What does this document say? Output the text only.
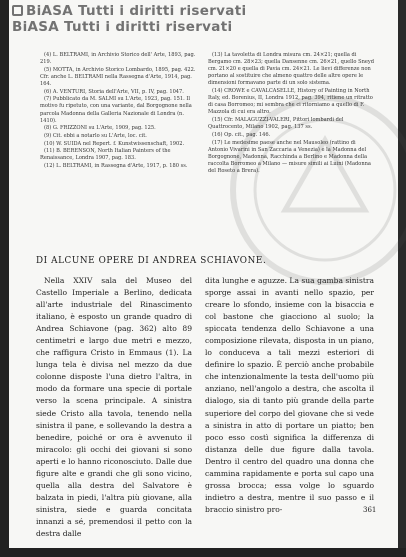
BiASA Tutti i diritti riservati
BiASA Tutti i diritti riservati

(4) L. BELTRAMI, in Archivio Storico dell' Arte, 1893, pag. 219.

(5) MOTTA, in Archivio Storico Lombardo, 1895, pag. 422. Cfr. anche L. BELTRAMI nella Rassegna d'Arte, 1914, pag. 164.

(6) A. VENTURI, Storia dell'Arte, VII, p. IV, pag. 1047.

(7) Pubblicato da M. SALMI su L'Arte, 1923, pag. 151. Il motivo fu ripetuto, con una variante, dal Borgognone nella parcola Madonna della Galleria Nazionale di Londra (n. 1410).

(8) G. FRIZZONI su L'Arte, 1909, pag. 125.

(9) Cit. ebbi a notarlo su L'Arte, loc. cit.

(10) W. SUIDA nel Repert. f. Kunstwissenschaft, 1902.

(11) B. BERENSON, North Italian Painters of the Renaissance, Londra 1907, pag. 183.

(12) L. BELTRAMI, in Rassegna d'Arte, 1917, p. 180 ss.

(13) La tavoletta di Londra misura cm. 24×21; quella di Bergamo cm. 28×23; quella Dansenne cm. 26×21, quello Sneyd cm. 21×20 e quella di Pavia cm. 24×21. Le lievi differenze non portano al sostituire che almeno quattro delle altre opere le dimensioni formavano parte di un solo sistema.

(14) CROWE e CAVALCASELLE, History of Painting in North Italy, ed. Borenius, II, Londra 1912, pag. 394, ritiene un ritratto di casa Borromeo; mi sembra che ci ritorniamo a quello di F. Mazzola di cui era altro.

(15) Cfr. MALAGUZZI-VALERI, Pittori lombardi del Quattrocento, Milano 1902, pag. 137 ss.

(16) Op. cit., pag. 146.

(17) Le medesime paese anche nel Mausoleo (rattino di Antonio Vivarini in San Zaccaria a Venezia) e la Madonna del Borgognone, Madonna, Racchinda a Berlino e Madonna della raccolta Borromeo a Milano — misure simili ai Luini (Madonna del Roseto a Brera).

DI ALCUNE OPERE DI ANDREA SCHIAVONE.

Nella XXIV sala del Museo del Castello Imperiale a Berlino, dedicata all'arte industriale del Rinascimento italiano, è esposto un grande quadro di Andrea Schiavone (pag. 362) alto 89 centimetri e largo due metri e mezzo, che raffigura Cristo in Emmaus (1). La lunga tela è divisa nel mezzo da due colonne disposte l'una dietro l'altra, in modo da formare una specie di portale verso la scena principale. A sinistra siede Cristo alla tavola, tenendo nella sinistra il pane, e sollevando la destra a benedire, poiché or ora è avvenuto il miracolo: gli occhi dei giovani si sono aperti e lo hanno riconosciuto. Dalle due figure alte e grandi che gli sono vicino, quella alla destra del Salvatore è balzata in piedi, l'altra più giovane, alla sinistra, siede e guarda concitata innanzi a sé, premendosi il petto con la destra dalle

dita lunghe e aguzze. La sua gamba sinistra sporge assai in avanti nello spazio, per creare lo sfondo, insieme con la bisaccia e col bastone che giacciono al suolo; la spiccata tendenza dello Schiavone a una composizione rilevata, disposta in un piano, lo conduceva a tali mezzi esteriori di definire lo spazio. È perciò anche probabile che intenzionalmente la testa dell'uomo più anziano, nell'angolo a destra, che ascolta il dialogo, sia di tanto più grande della parte superiore del corpo del giovane che si vede a sinistra in atto di portare un piatto; ben poco esso costì significa la differenza di distanza delle due figure dalla tavola. Dentro il centro del quadro una donna che cammina rapidamente e porta sul capo una grossa brocca; essa volge lo sguardo indietro a destra, mentre il suo passo e il braccio sinistro pro-	361
